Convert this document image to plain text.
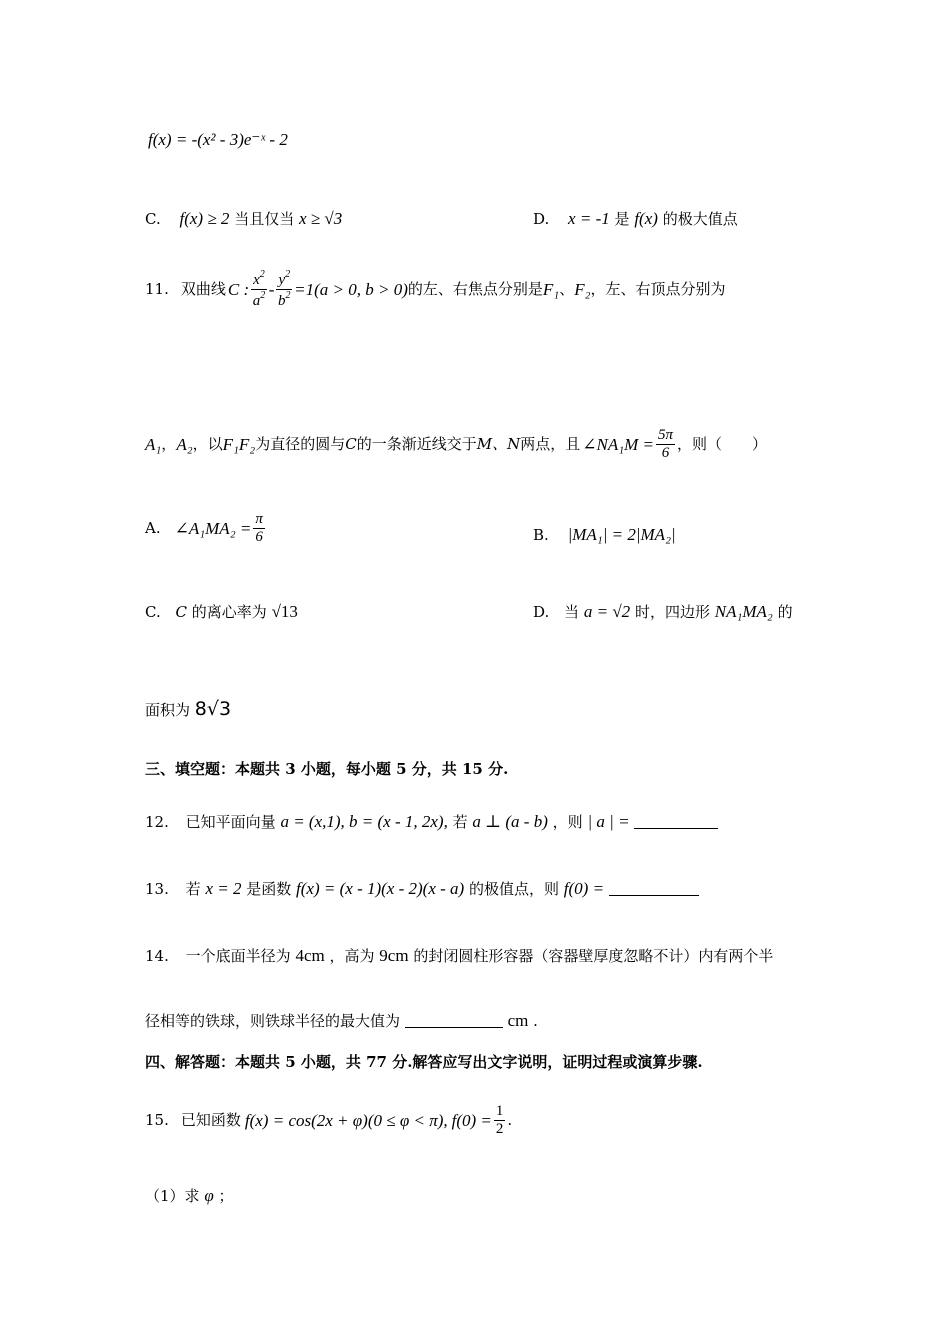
f(x) = -(x² - 3)e⁻ˣ - 2
C. f(x) ≥ 2 当且仅当 x ≥ √3	D. x = -1 是 f(x) 的极大值点
11. 双曲线 C : $\frac{x^2}{a^2} - \frac{y^2}{b^2} =1(a > 0$, b > 0) 的左、右焦点分别是 F₁ 、 F₂ ，左、右顶点分别为
A₁ ， A₂ ，以 F₁F₂ 为直径的圆与 C 的一条渐近线交于 M、N 两点，且 ∠NA₁M = $\frac{5\pi}{6}$ ，则（　　）
A. ∠A₁MA₂ = $\frac{\pi}{6}$	B. |MA₁| = 2|MA₂|
C. C 的离心率为 √13	D. 当 a = √2 时，四边形 NA₁MA₂ 的
面积为 8√3
三、填空题：本题共 3 小题，每小题 5 分，共 15 分.
12. 已知平面向量 a = (x,1), b = (x - 1, 2x), 若 a ⊥ (a - b) ，则 | a | =
13. 若 x = 2 是函数 f(x) = (x - 1)(x - 2)(x - a) 的极值点，则 f(0) =
14. 一个底面半径为 4cm ，高为 9cm 的封闭圆柱形容器（容器壁厚度忽略不计）内有两个半
径相等的铁球，则铁球半径的最大值为	cm .
四、解答题：本题共 5 小题，共 77 分.解答应写出文字说明，证明过程或演算步骤.
15. 已知函数 f(x) = cos(2x + φ)(0 ≤ φ < π), $f(0) = \frac{1}{2}$ .
（1）求 φ ；
